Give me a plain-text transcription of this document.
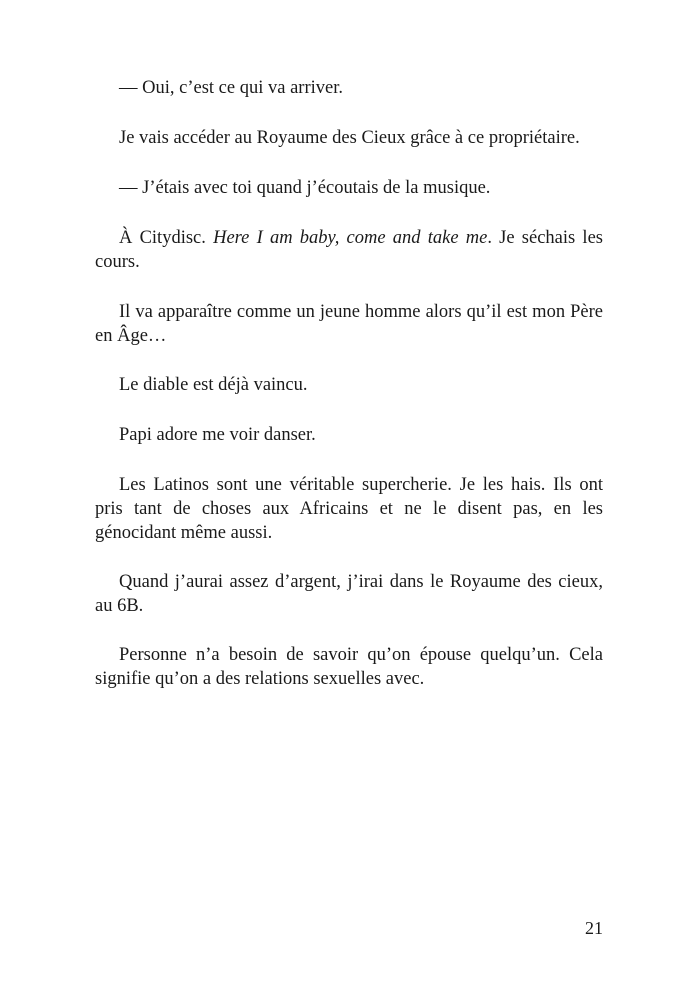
— Oui, c’est ce qui va arriver.

Je vais accéder au Royaume des Cieux grâce à ce propriétaire.

— J’étais avec toi quand j’écoutais de la musique.

À Citydisc. Here I am baby, come and take me. Je séchais les cours.

Il va apparaître comme un jeune homme alors qu’il est mon Père en Âge…

Le diable est déjà vaincu.

Papi adore me voir danser.

Les Latinos sont une véritable supercherie. Je les hais. Ils ont pris tant de choses aux Africains et ne le disent pas, en les génocidant même aussi.

Quand j’aurai assez d’argent, j’irai dans le Royaume des cieux, au 6B.

Personne n’a besoin de savoir qu’on épouse quelqu’un. Cela signifie qu’on a des relations sexuelles avec.

21
